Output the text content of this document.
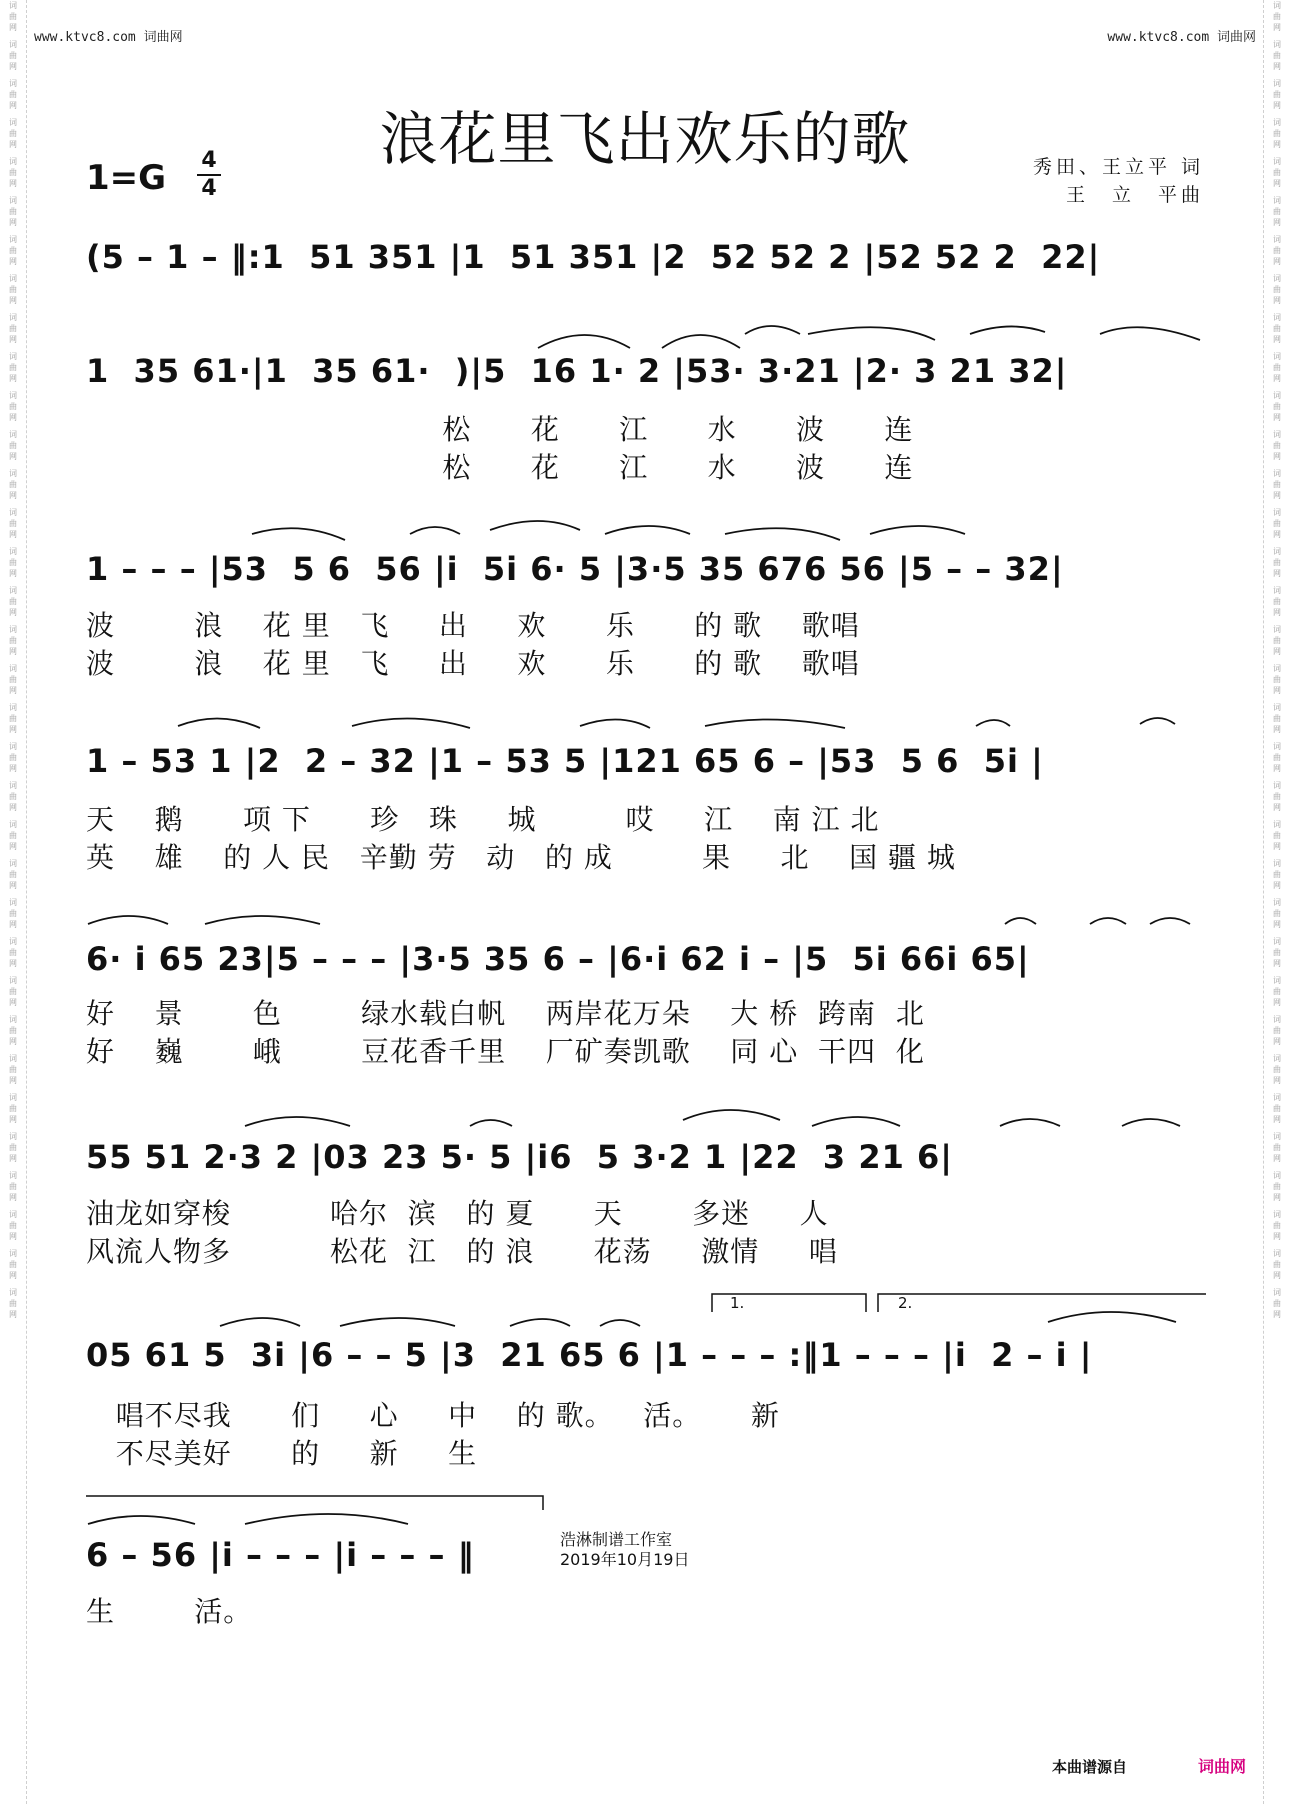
词
曲
网
词
曲
网
词
曲
网
词
曲
网
词
曲
网
词
曲
网
词
曲
网
词
曲
网
词
曲
网
词
曲
网
词
曲
网
词
曲
网
词
曲
网
词
曲
网
词
曲
网
词
曲
网
词
曲
网
词
曲
网
词
曲
网
词
曲
网
词
曲
网
词
曲
网
词
曲
网
词
曲
网
词
曲
网
词
曲
网
词
曲
网
词
曲
网
词
曲
网
词
曲
网
词
曲
网
词
曲
网
词
曲
网
词
曲
网
词
曲
网
词
曲
网
词
曲
网
词
曲
网
词
曲
网
词
曲
网
词
曲
网
词
曲
网
词
曲
网
词
曲
网
词
曲
网
词
曲
网
词
曲
网
词
曲
网
词
曲
网
词
曲
网
词
曲
网
词
曲
网
词
曲
网
词
曲
网
词
曲
网
词
曲
网
词
曲
网
词
曲
网
词
曲
网
词
曲
网
词
曲
网
词
曲
网
词
曲
网
词
曲
网
词
曲
网
词
曲
网
词
曲
网
词
曲
网
www.ktvc8.com 词曲网	www.ktvc8.com 词曲网
浪花里飞出欢乐的歌
1=G 4
4
秀田、王立平 词
王　立　平曲
(5 – 1 – ‖:1  51 351 |1  51 351 |2  52 52 2 |52 52 2  22|
1  35 61·|1  35 61·  )|5  16 1· 2 |53· 3·21 |2· 3 21 32|
松      花      江      水      波      连
松      花      江      水      波      连
1 – – – |53  5 6  56 |i  5i 6· 5 |3·5 35 676 56 |5 – – 32|
波        浪    花 里   飞     出     欢      乐      的 歌    歌唱
波        浪    花 里   飞     出     欢      乐      的 歌    歌唱
1 – 53 1 |2  2 – 32 |1 – 53 5 |121 65 6 – |53  5 6  5i |
天    鹅      项 下      珍   珠     城         哎     江    南 江 北
英    雄    的 人 民   辛勤 劳   动   的 成         果     北    国 疆 城
6· i 65 23|5 – – – |3·5 35 6 – |6·i 62 i – |5  5i 66i 65|
好    景       色        绿水载白帆    两岸花万朵    大 桥  跨南  北
好    巍       峨        豆花香千里    厂矿奏凯歌    同 心  干四  化
55 51 2·3 2 |03 23 5· 5 |i6  5 3·2 1 |22  3 21 6|
油龙如穿梭          哈尔  滨   的 夏      天       多迷     人
风流人物多          松花  江   的 浪      花荡     激情     唱
1.	2.
05 61 5  3i |6 – – 5 |3  21 65 6 |1 – – – :‖1 – – – |i  2 – i |
唱不尽我      们     心     中    的 歌。   活。     新
不尽美好      的     新     生
6 – 56 |i – – – |i – – – ‖
生        活。
浩淋制谱工作室
2019年10月19日
本曲谱源自	词曲网
